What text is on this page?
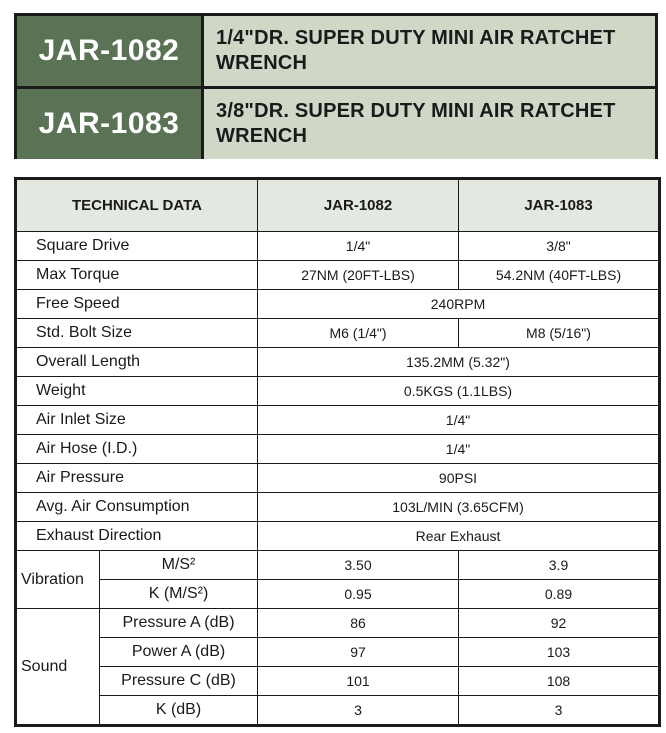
JAR-1082	1/4"DR. SUPER DUTY MINI AIR RATCHET
WRENCH
JAR-1083	3/8"DR. SUPER DUTY MINI AIR RATCHET
WRENCH
TECHNICAL DATA		JAR-1082	JAR-1083
Square Drive		1/4"	3/8"
Max Torque		27NM (20FT-LBS)	54.2NM (40FT-LBS)
Free Speed		240RPM	
Std. Bolt Size		M6 (1/4")	M8 (5/16")
Overall Length		135.2MM (5.32")	
Weight		0.5KGS (1.1LBS)	
Air Inlet Size		1/4"	
Air Hose (I.D.)		1/4"	
Air Pressure		90PSI	
Avg. Air Consumption		103L/MIN (3.65CFM)	
Exhaust Direction		Rear Exhaust	
Vibration	M/S²	3.50	3.9
	K (M/S²)	0.95	0.89
Sound	Pressure A (dB)	86	92
	Power A (dB)	97	103
	Pressure C (dB)	101	108
	K (dB)	3	3
